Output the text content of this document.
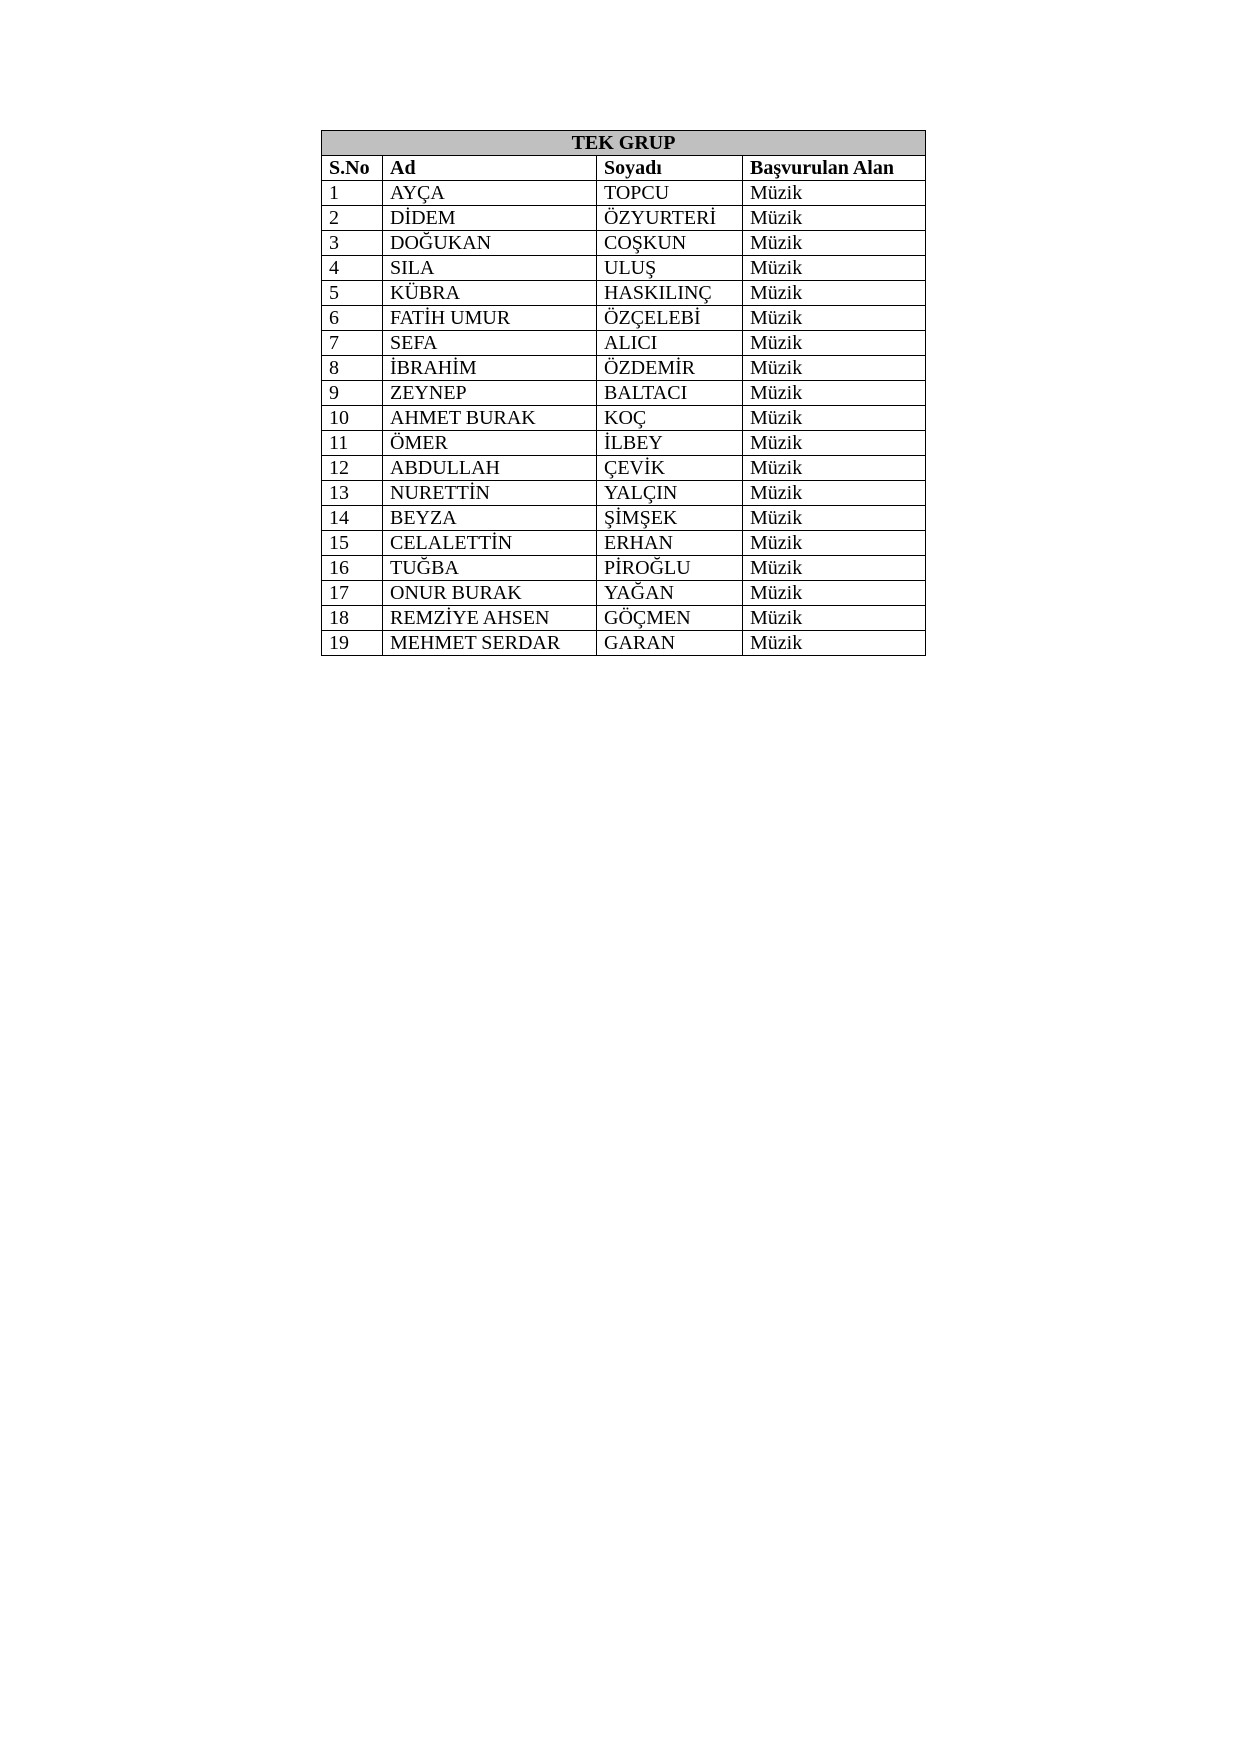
TEK GRUP			
S.No	Ad	Soyadı	Başvurulan Alan
1	AYÇA	TOPCU	Müzik
2	DİDEM	ÖZYURTERİ	Müzik
3	DOĞUKAN	COŞKUN	Müzik
4	SILA	ULUŞ	Müzik
5	KÜBRA	HASKILINÇ	Müzik
6	FATİH UMUR	ÖZÇELEBİ	Müzik
7	SEFA	ALICI	Müzik
8	İBRAHİM	ÖZDEMİR	Müzik
9	ZEYNEP	BALTACI	Müzik
10	AHMET BURAK	KOÇ	Müzik
11	ÖMER	İLBEY	Müzik
12	ABDULLAH	ÇEVİK	Müzik
13	NURETTİN	YALÇIN	Müzik
14	BEYZA	ŞİMŞEK	Müzik
15	CELALETTİN	ERHAN	Müzik
16	TUĞBA	PİROĞLU	Müzik
17	ONUR BURAK	YAĞAN	Müzik
18	REMZİYE AHSEN	GÖÇMEN	Müzik
19	MEHMET SERDAR	GARAN	Müzik
